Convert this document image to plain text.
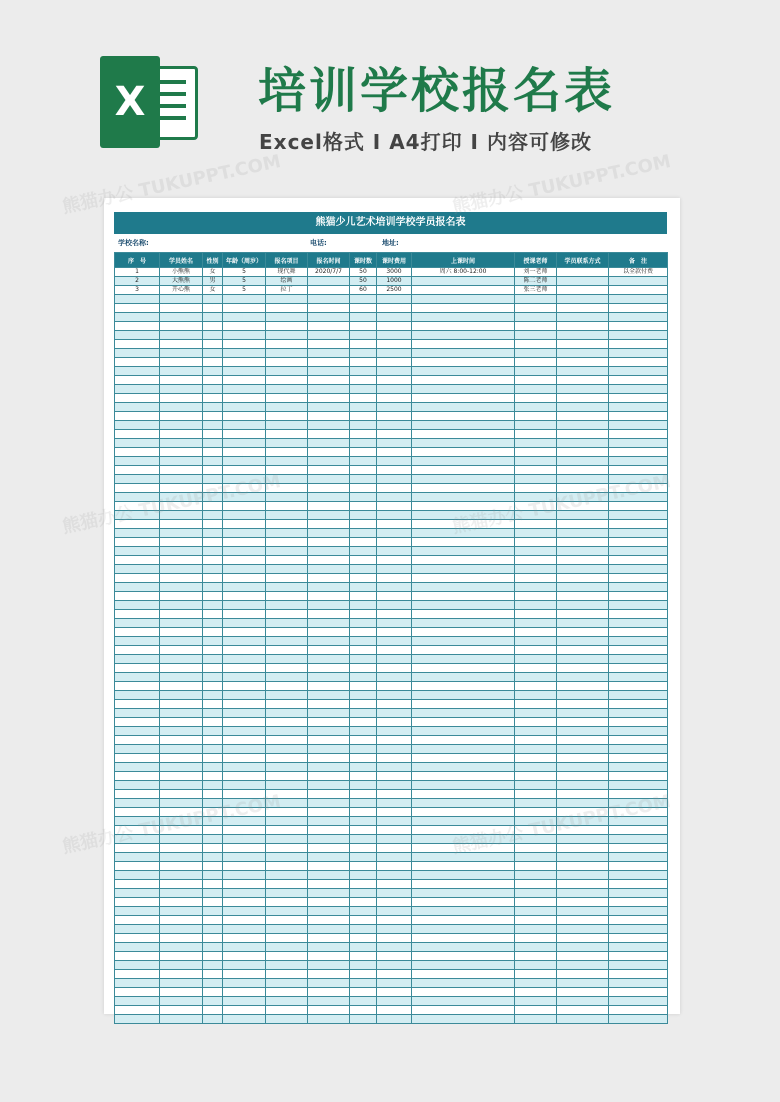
X	培训学校报名表
Excel格式 I A4打印 I 内容可修改
熊猫少儿艺术培训学校学员报名表
学校名称:	电话:	地址:
序　号	学员姓名	性别	年龄（周岁）	报名项目	报名时间	课时数	课时费用	上课时间	授课老师	学员联系方式	备　注
1	小熊熊	女	5	现代舞	2020/7/7	50	3000	周六 8:00-12:00	刘一老师		以全款付费
2	大熊熊	男	5	绘画		50	1000		陈二老师		
3	开心熊	女	5	拉丁		60	2500		张三老师		

熊猫办公 TUKUPPT.COM	熊猫办公 TUKUPPT.COM
熊猫办公
熊猫办公
